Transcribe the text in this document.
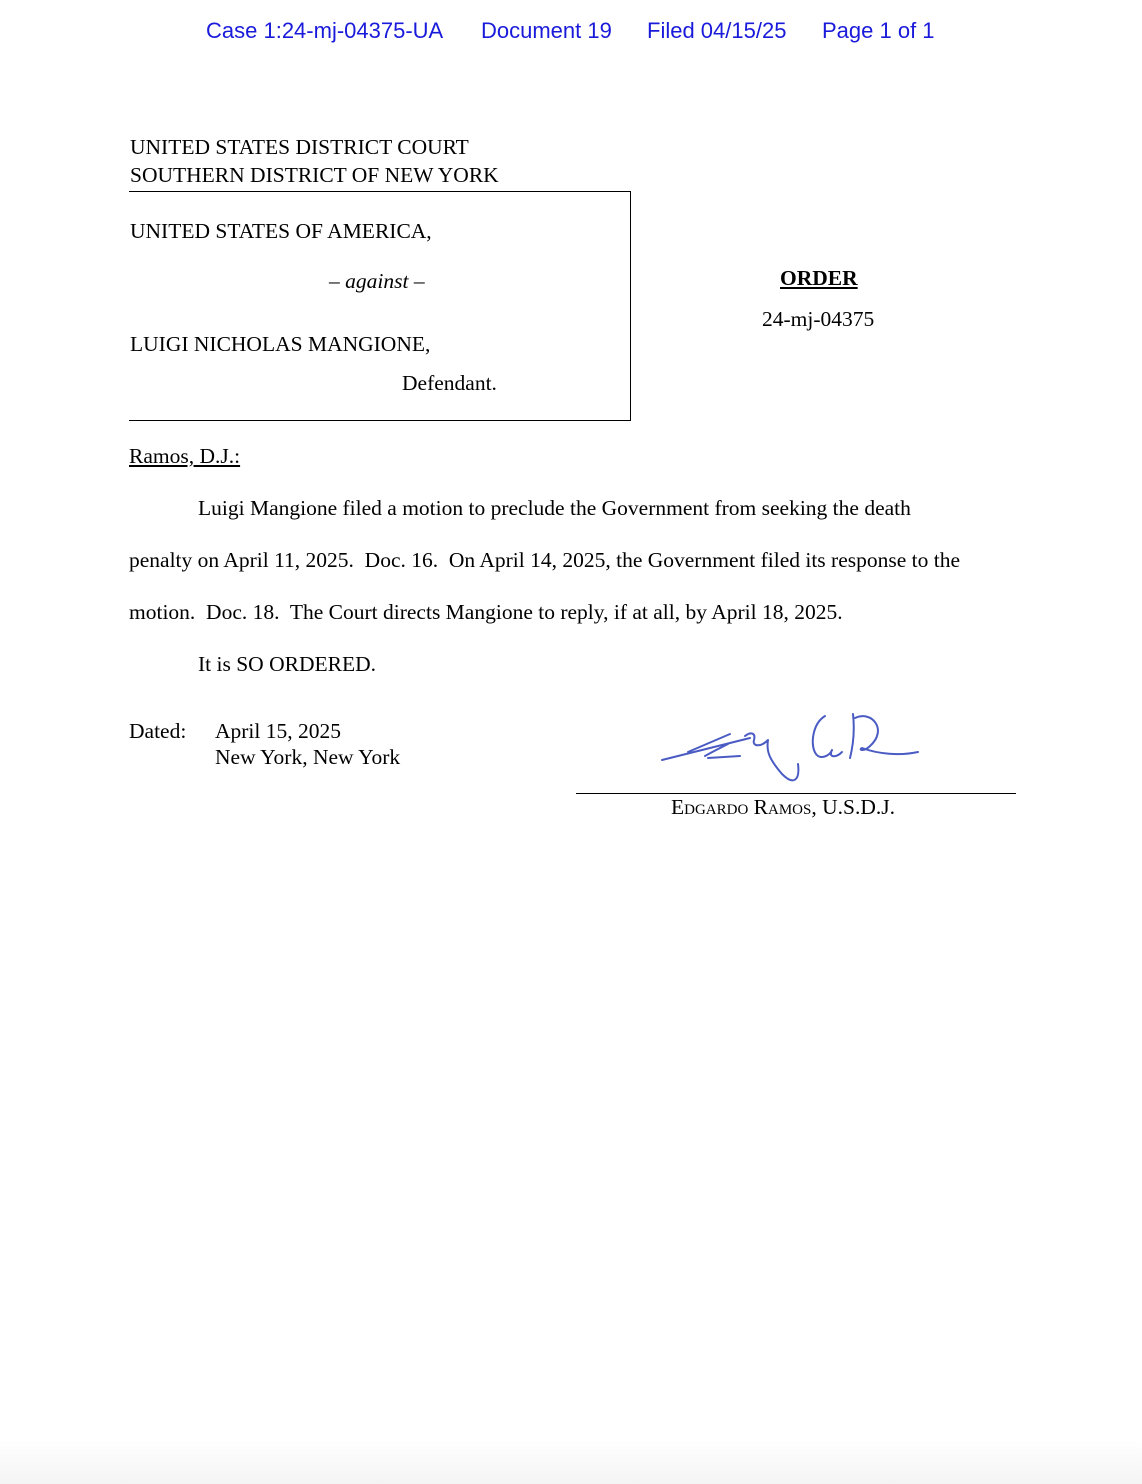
Case 1:24-mj-04375-UA Document 19 Filed 04/15/25 Page 1 of 1
UNITED STATES DISTRICT COURT
SOUTHERN DISTRICT OF NEW YORK
UNITED STATES OF AMERICA,
– against –
LUIGI NICHOLAS MANGIONE,
Defendant.
ORDER
24-mj-04375
Ramos, D.J.:
Luigi Mangione filed a motion to preclude the Government from seeking the death
penalty on April 11, 2025.  Doc. 16.  On April 14, 2025, the Government filed its response to the
motion.  Doc. 18.  The Court directs Mangione to reply, if at all, by April 18, 2025.
It is SO ORDERED.
Dated: April 15, 2025
New York, New York
Edgardo Ramos, U.S.D.J.
